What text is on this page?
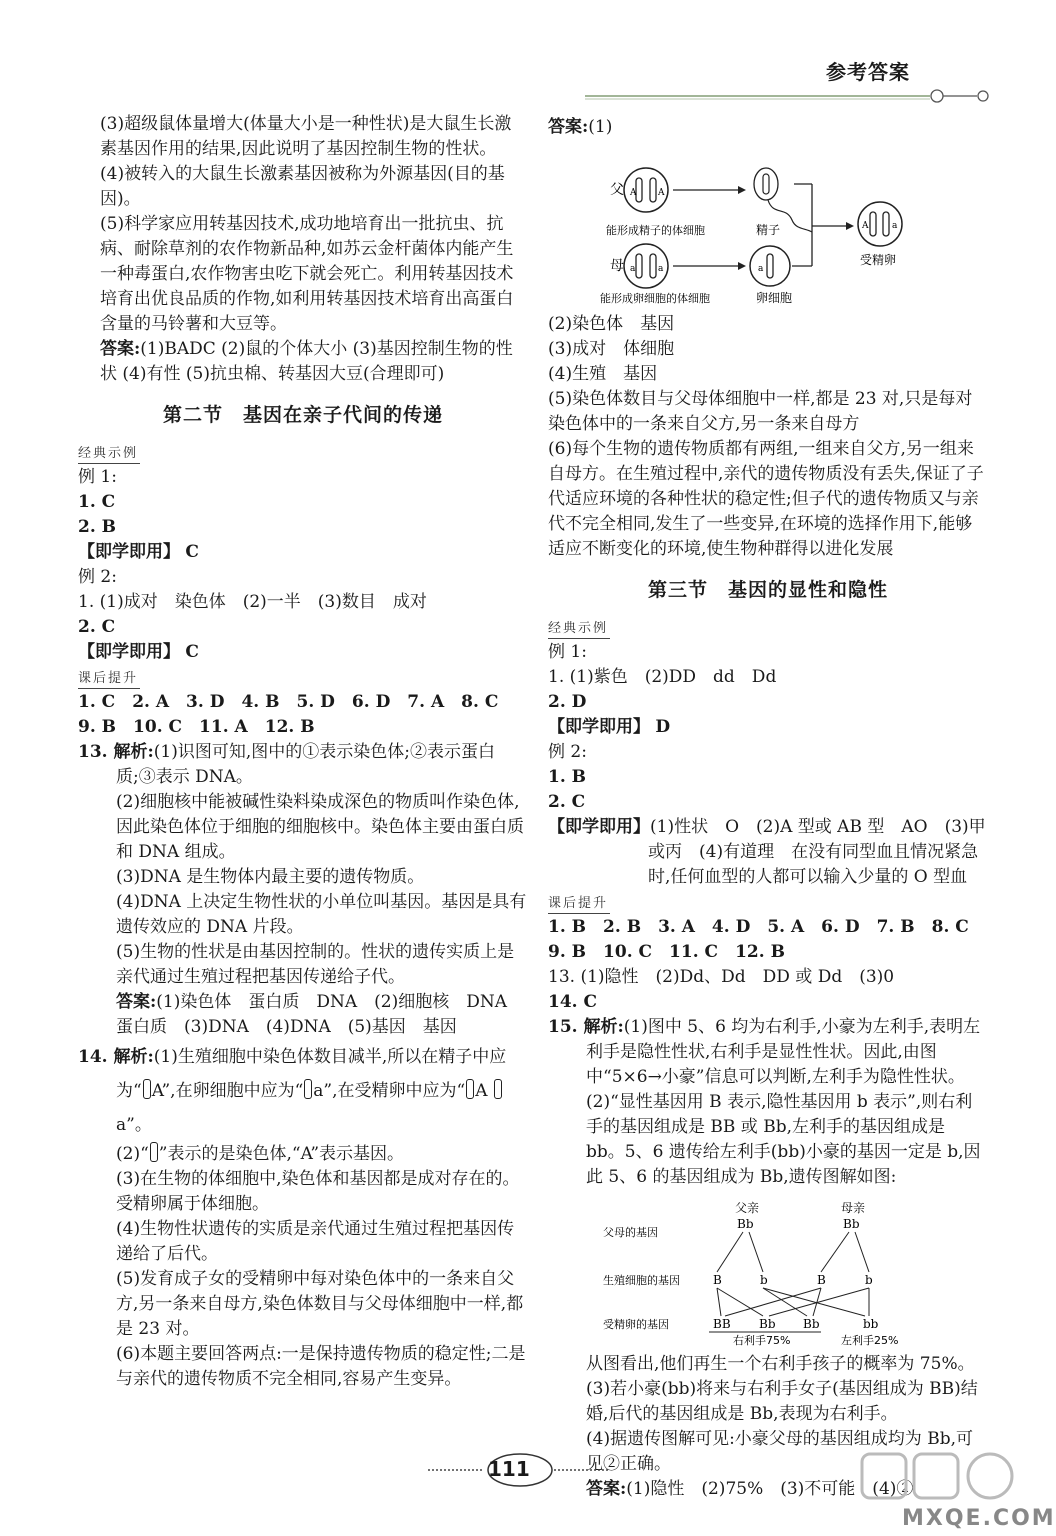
参考答案

(3)超级鼠体量增大(体量大小是一种性状)是大鼠生长激素基因作用的结果,因此说明了基因控制生物的性状。

(4)被转入的大鼠生长激素基因被称为外源基因(目的基因)。

(5)科学家应用转基因技术,成功地培育出一批抗虫、抗病、耐除草剂的农作物新品种,如苏云金杆菌体内能产生一种毒蛋白,农作物害虫吃下就会死亡。利用转基因技术培育出优良品质的作物,如利用转基因技术培育出高蛋白含量的马铃薯和大豆等。

答案:(1)BADC (2)鼠的个体大小 (3)基因控制生物的性状 (4)有性 (5)抗虫棉、转基因大豆(合理即可)

第二节　基因在亲子代间的传递
经典示例

例 1:

1. C

2. B

【即学即用】 C

例 2:

1. (1)成对　染色体　(2)一半　(3)数目　成对

2. C

【即学即用】 C

课后提升

1. C　2. A　3. D　4. B　5. D　6. D　7. A　8. C

9. B　10. C　11. A　12. B

13. 解析:(1)识图可知,图中的①表示染色体;②表示蛋白质;③表示 DNA。

(2)细胞核中能被碱性染料染成深色的物质叫作染色体,因此染色体位于细胞的细胞核中。染色体主要由蛋白质和 DNA 组成。

(3)DNA 是生物体内最主要的遗传物质。

(4)DNA 上决定生物性状的小单位叫基因。基因是具有遗传效应的 DNA 片段。

(5)生物的性状是由基因控制的。性状的遗传实质上是亲代通过生殖过程把基因传递给子代。

答案:(1)染色体　蛋白质　DNA　(2)细胞核　DNA　蛋白质　(3)DNA　(4)DNA　(5)基因　基因

14. 解析:(1)生殖细胞中染色体数目减半,所以在精子中应为“ A”,在卵细胞中应为“ a”,在受精卵中应为“ A a”。

(2)“ ”表示的是染色体,“A”表示基因。

(3)在生物的体细胞中,染色体和基因都是成对存在的。受精卵属于体细胞。

(4)生物性状遗传的实质是亲代通过生殖过程把基因传递给了后代。

(5)发育成子女的受精卵中每对染色体中的一条来自父方,另一条来自母方,染色体数目与父母体细胞中一样,都是 23 对。

(6)本题主要回答两点:一是保持遗传物质的稳定性;二是与亲代的遗传物质不完全相同,容易产生变异。

答案:(1)

父 A A
能形成精子的体细胞	精子
母 a	a
能形成卵细胞的体细胞
a
卵细胞
A	a
受精卵

(2)染色体　基因

(3)成对　体细胞

(4)生殖　基因

(5)染色体数目与父母体细胞中一样,都是 23 对,只是每对染色体中的一条来自父方,另一条来自母方

(6)每个生物的遗传物质都有两组,一组来自父方,另一组来自母方。在生殖过程中,亲代的遗传物质没有丢失,保证了子代适应环境的各种性状的稳定性;但子代的遗传物质又与亲代不完全相同,发生了一些变异,在环境的选择作用下,能够适应不断变化的环境,使生物种群得以进化发展

第三节　基因的显性和隐性
经典示例

例 1:

1. (1)紫色　(2)DD　dd　Dd

2. D

【即学即用】 D

例 2:

1. B

2. C

【即学即用】(1)性状　O　(2)A 型或 AB 型　AO　(3)甲或丙　(4)有道理　在没有同型血且情况紧急时,任何血型的人都可以输入少量的 O 型血

课后提升

1. B　2. B　3. A　4. D　5. A　6. D　7. B　8. C

9. B　10. C　11. C　12. B

13. (1)隐性　(2)Dd、Dd　DD 或 Dd　(3)0

14. C

15. 解析:(1)图中 5、6 均为右利手,小豪为左利手,表明左利手是隐性性状,右利手是显性性状。因此,由图中“5×6→小豪”信息可以判断,左利手为隐性性状。

(2)“显性基因用 B 表示,隐性基因用 b 表示”,则右利手的基因组成是 BB 或 Bb,左利手的基因组成是 bb。5、6 遗传给左利手(bb)小豪的基因一定是 b,因此 5、6 的基因组成为 Bb,遗传图解如图:

父母的基因
生殖细胞的基因
受精卵的基因
父亲	母亲
Bb	Bb
B	b	B	b
BB Bb Bb	bb
右利手75%	左利手25%

从图看出,他们再生一个右利手孩子的概率为 75%。

(3)若小豪(bb)将来与右利手女子(基因组成为 BB)结婚,后代的基因组成是 Bb,表现为右利手。

(4)据遗传图解可见:小豪父母的基因组成均为 Bb,可见②正确。

答案:(1)隐性　(2)75%　(3)不可能　(4)②

111
MXQE.COM
